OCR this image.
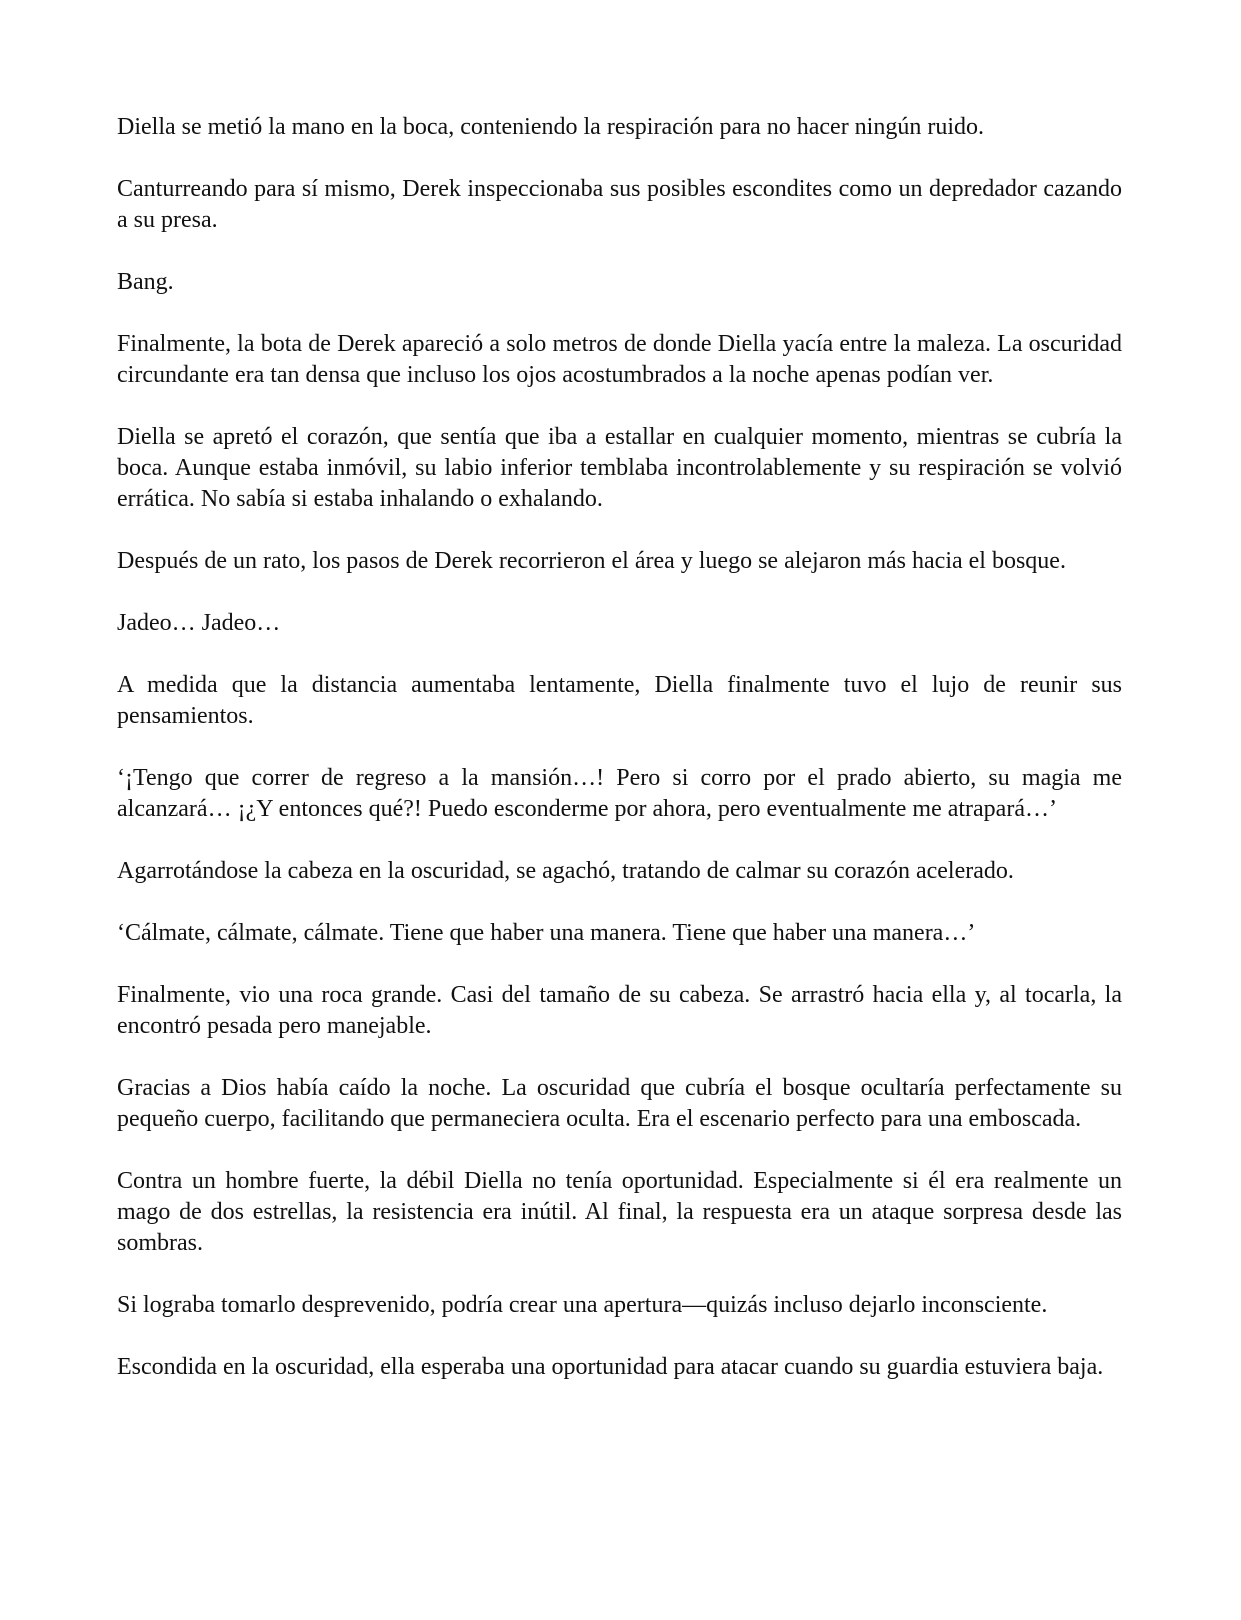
Diella se metió la mano en la boca, conteniendo la respiración para no hacer ningún ruido.

Canturreando para sí mismo, Derek inspeccionaba sus posibles escondites como un depredador cazando a su presa.

Bang.

Finalmente, la bota de Derek apareció a solo metros de donde Diella yacía entre la maleza. La oscuridad circundante era tan densa que incluso los ojos acostumbrados a la noche apenas podían ver.

Diella se apretó el corazón, que sentía que iba a estallar en cualquier momento, mientras se cubría la boca. Aunque estaba inmóvil, su labio inferior temblaba incontrolablemente y su respiración se volvió errática. No sabía si estaba inhalando o exhalando.

Después de un rato, los pasos de Derek recorrieron el área y luego se alejaron más hacia el bosque.

Jadeo… Jadeo…

A medida que la distancia aumentaba lentamente, Diella finalmente tuvo el lujo de reunir sus pensamientos.

‘¡Tengo que correr de regreso a la mansión…! Pero si corro por el prado abierto, su magia me alcanzará… ¡¿Y entonces qué?! Puedo esconderme por ahora, pero eventualmente me atrapará…’

Agarrotándose la cabeza en la oscuridad, se agachó, tratando de calmar su corazón acelerado.

‘Cálmate, cálmate, cálmate. Tiene que haber una manera. Tiene que haber una manera…’

Finalmente, vio una roca grande. Casi del tamaño de su cabeza. Se arrastró hacia ella y, al tocarla, la encontró pesada pero manejable.

Gracias a Dios había caído la noche. La oscuridad que cubría el bosque ocultaría perfectamente su pequeño cuerpo, facilitando que permaneciera oculta. Era el escenario perfecto para una emboscada.

Contra un hombre fuerte, la débil Diella no tenía oportunidad. Especialmente si él era realmente un mago de dos estrellas, la resistencia era inútil. Al final, la respuesta era un ataque sorpresa desde las sombras.

Si lograba tomarlo desprevenido, podría crear una apertura—quizás incluso dejarlo inconsciente.

Escondida en la oscuridad, ella esperaba una oportunidad para atacar cuando su guardia estuviera baja.
